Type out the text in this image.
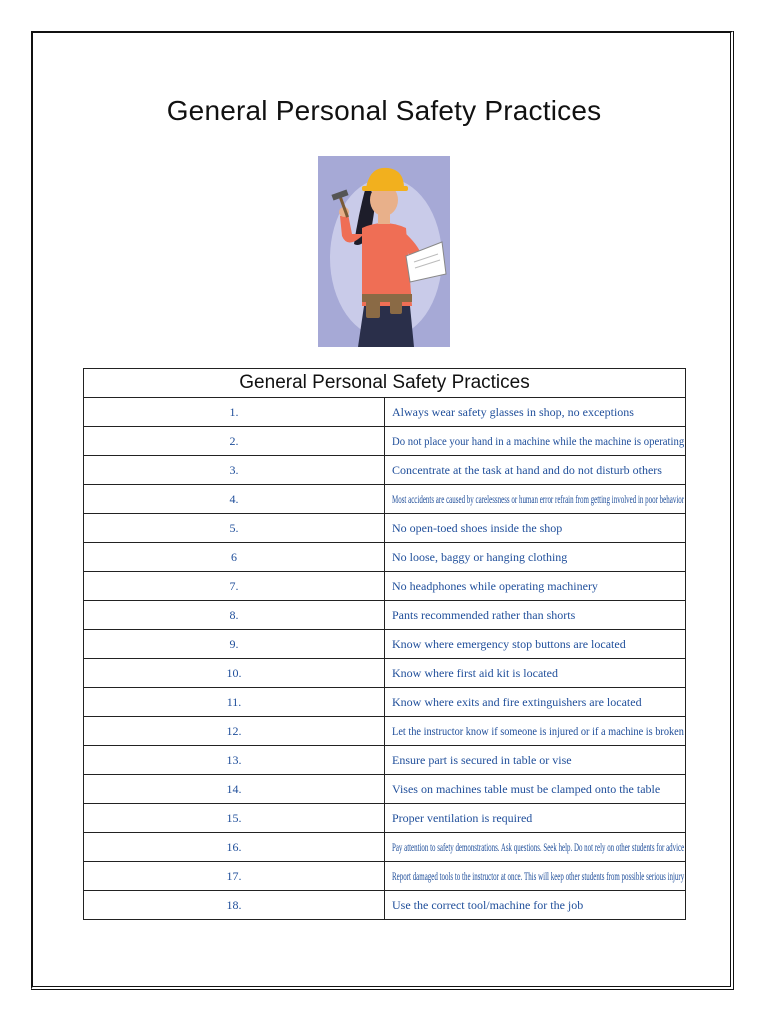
General Personal Safety Practices
General Personal Safety Practices	
1.	Always wear safety glasses in shop, no exceptions
2.	Do not place your hand in a machine while the machine is operating
3.	Concentrate at the task at hand and do not disturb others
4.	Most accidents are caused by carelessness or human error refrain from getting involved in poor behavior
5.	No open-toed shoes inside the shop
6	No loose, baggy or hanging clothing
7.	No headphones while operating machinery
8.	Pants recommended rather than shorts
9.	Know where emergency stop buttons are located
10.	Know where first aid kit is located
11.	Know where exits and fire extinguishers are located
12.	Let the instructor know if someone is injured or if a machine is broken
13.	Ensure part is secured in table or vise
14.	Vises on machines table must be clamped onto the table
15.	Proper ventilation is required
16.	Pay attention to safety demonstrations. Ask questions. Seek help. Do not rely on other students for advice
17.	Report damaged tools to the instructor at once. This will keep other students from possible serious injury
18.	Use the correct tool/machine for the job
